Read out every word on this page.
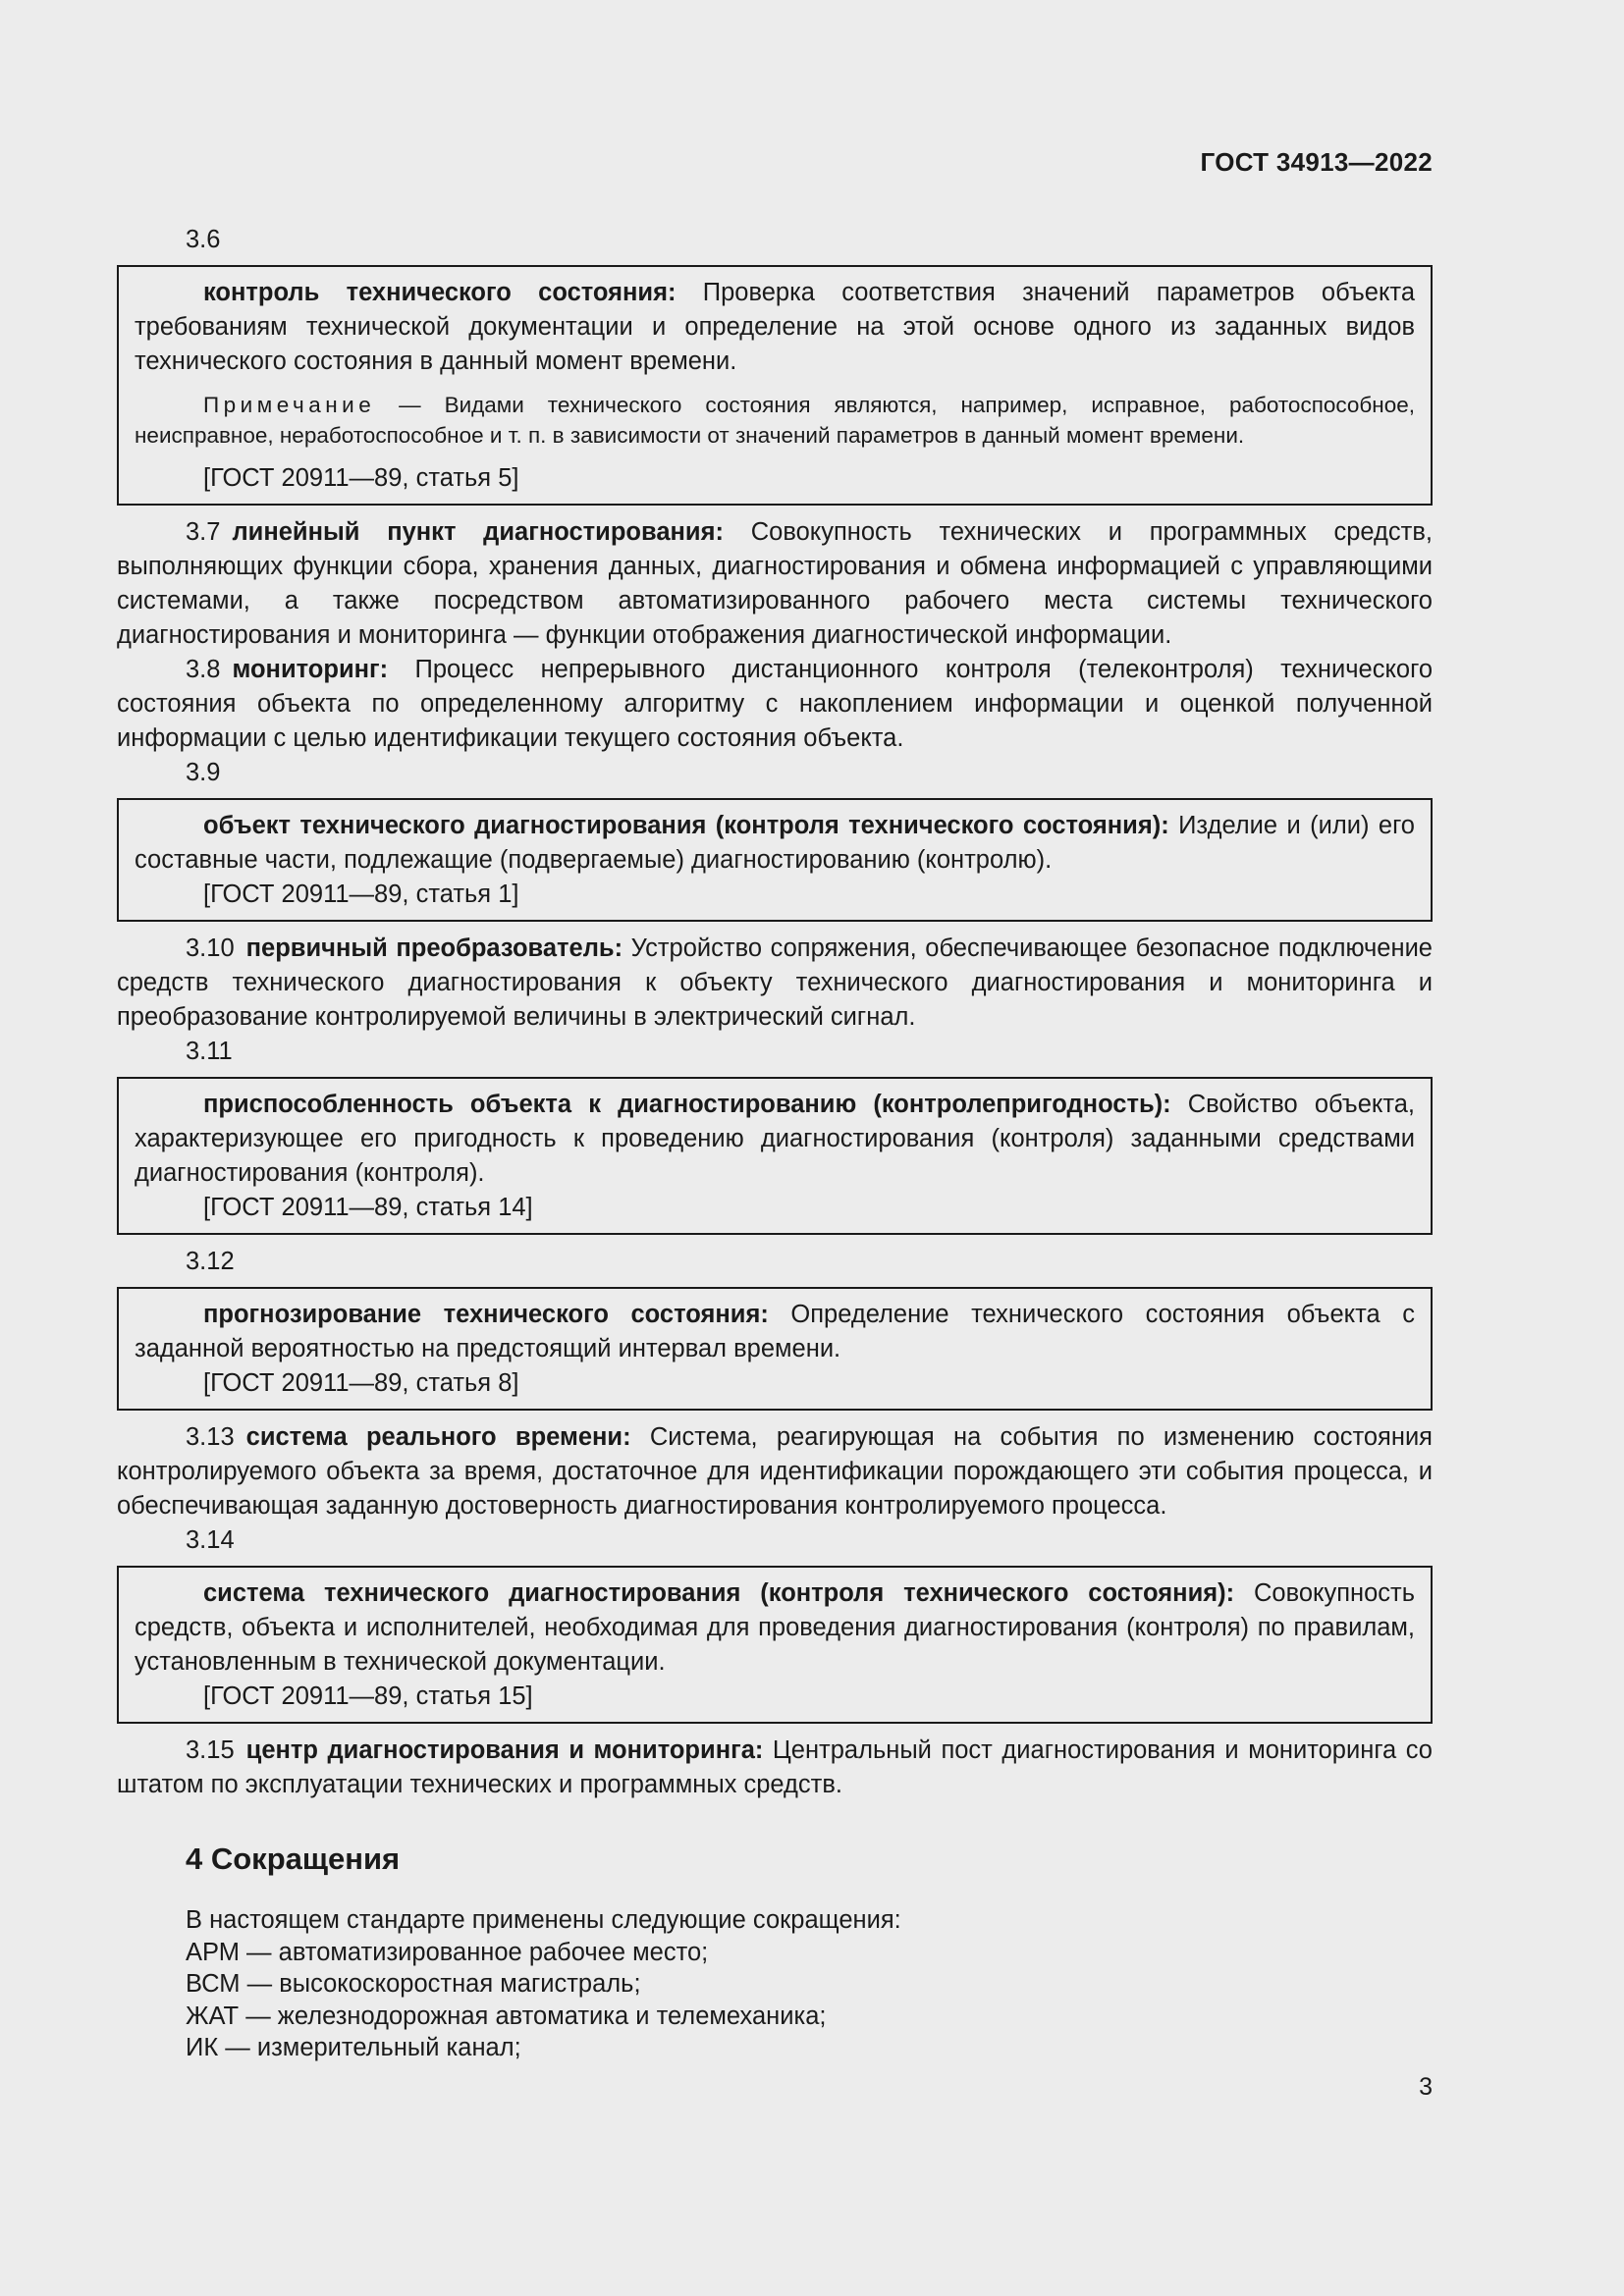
ГОСТ 34913—2022

3.6

контроль технического состояния: Проверка соответствия значений параметров объекта требованиям технической документации и определение на этой основе одного из заданных видов технического состояния в данный момент времени.

Примечание — Видами технического состояния являются, например, исправное, работоспособное, неисправное, неработоспособное и т. п. в зависимости от значений параметров в данный момент времени.

[ГОСТ 20911—89, статья 5]

3.7 линейный пункт диагностирования: Совокупность технических и программных средств, выполняющих функции сбора, хранения данных, диагностирования и обмена информацией с управляющими системами, а также посредством автоматизированного рабочего места системы технического диагностирования и мониторинга — функции отображения диагностической информации.

3.8 мониторинг: Процесс непрерывного дистанционного контроля (телеконтроля) технического состояния объекта по определенному алгоритму с накоплением информации и оценкой полученной информации с целью идентификации текущего состояния объекта.

3.9

объект технического диагностирования (контроля технического состояния): Изделие и (или) его составные части, подлежащие (подвергаемые) диагностированию (контролю).

[ГОСТ 20911—89, статья 1]

3.10 первичный преобразователь: Устройство сопряжения, обеспечивающее безопасное подключение средств технического диагностирования к объекту технического диагностирования и мониторинга и преобразование контролируемой величины в электрический сигнал.

3.11

приспособленность объекта к диагностированию (контролепригодность): Свойство объекта, характеризующее его пригодность к проведению диагностирования (контроля) заданными средствами диагностирования (контроля).

[ГОСТ 20911—89, статья 14]

3.12

прогнозирование технического состояния: Определение технического состояния объекта с заданной вероятностью на предстоящий интервал времени.

[ГОСТ 20911—89, статья 8]

3.13 система реального времени: Система, реагирующая на события по изменению состояния контролируемого объекта за время, достаточное для идентификации порождающего эти события процесса, и обеспечивающая заданную достоверность диагностирования контролируемого процесса.

3.14

система технического диагностирования (контроля технического состояния): Совокупность средств, объекта и исполнителей, необходимая для проведения диагностирования (контроля) по правилам, установленным в технической документации.

[ГОСТ 20911—89, статья 15]

3.15 центр диагностирования и мониторинга: Центральный пост диагностирования и мониторинга со штатом по эксплуатации технических и программных средств.

4 Сокращения

В настоящем стандарте применены следующие сокращения:

АРМ — автоматизированное рабочее место;

ВСМ — высокоскоростная магистраль;

ЖАТ — железнодорожная автоматика и телемеханика;

ИК — измерительный канал;

3
